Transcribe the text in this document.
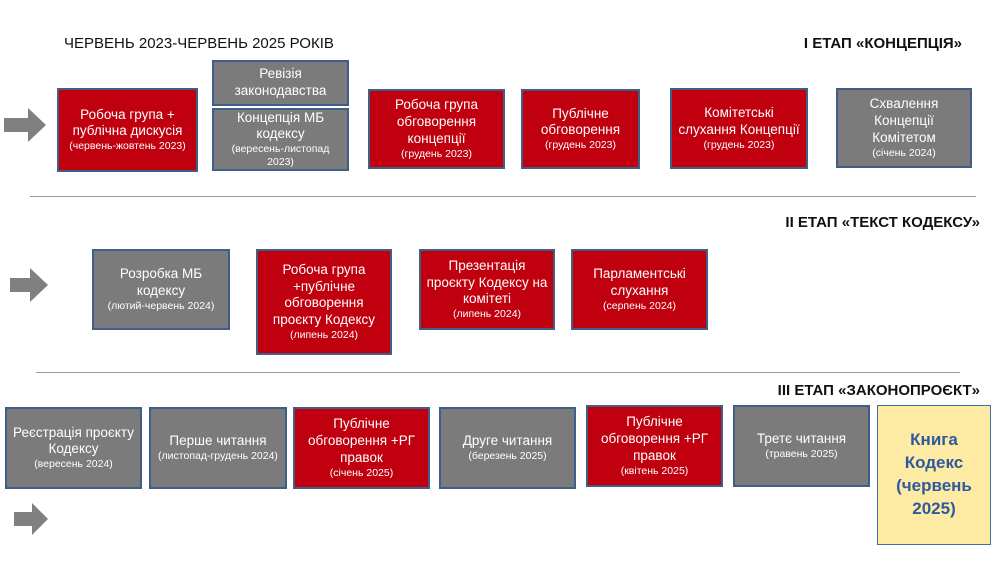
ЧЕРВЕНЬ 2023-ЧЕРВЕНЬ 2025 РОКІВ	І ЕТАП «КОНЦЕПЦІЯ»
ІІ ЕТАП «ТЕКСТ КОДЕКСУ»
ІІІ ЕТАП «ЗАКОНОПРОЄКТ»
Робоча група + публічна дискусія
(червень-жовтень 2023)
Ревізія законодавства
Концепція МБ кодексу
(вересень-листопад 2023)
Робоча група обговорення концепції
(грудень 2023)
Публічне обговорення
(грудень 2023)
Комітетські слухання Концепції
(грудень 2023)
Схвалення Концепції Комітетом
(січень 2024)
Розробка МБ кодексу
(лютий-червень 2024)
Робоча група +публічне обговорення проєкту Кодексу
(липень 2024)
Презентація проєкту Кодексу на комітеті
(липень 2024)
Парламентські слухання
(серпень 2024)
Реєстрація проєкту Кодексу
(вересень 2024)
Перше читання
(листопад-грудень 2024)
Публічне обговорення +РГ правок
(січень 2025)
Друге читання
(березень 2025)
Публічне обговорення +РГ правок
(квітень 2025)
Третє читання
(травень 2025)
Книга Кодекс (червень 2025)
